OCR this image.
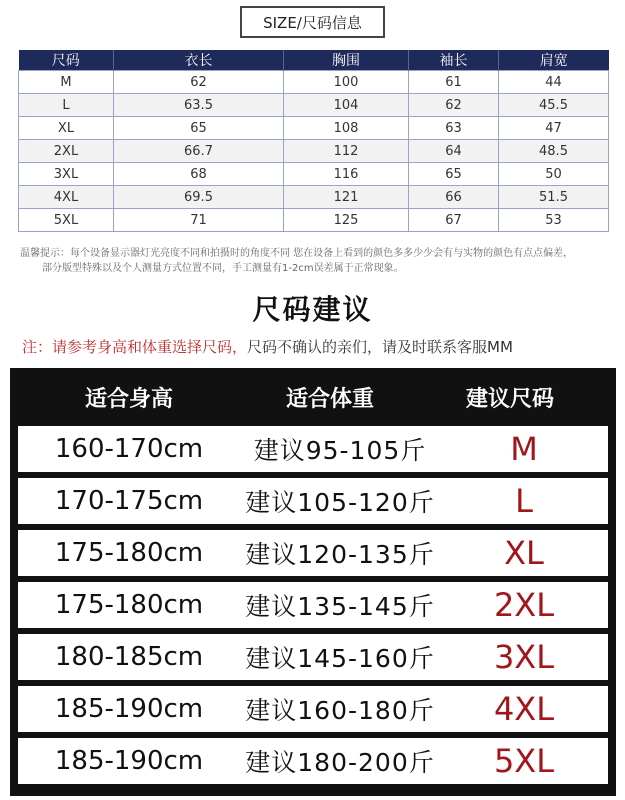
SIZE/尺码信息
尺码	衣长	胸围	袖长	肩宽
M	62	100	61	44
L	63.5	104	62	45.5
XL	65	108	63	47
2XL	66.7	112	64	48.5
3XL	68	116	65	50
4XL	69.5	121	66	51.5
5XL	71	125	67	53
温馨提示：每个设备显示器灯光亮度不同和拍摄时的角度不同 您在设备上看到的颜色多多少少会有与实物的颜色有点点偏差，
部分版型特殊以及个人测量方式位置不同，手工测量有1-2cm误差属于正常现象。
尺码建议
注：请参考身高和体重选择尺码，尺码不确认的亲们，请及时联系客服MM
适合身高	适合体重	建议尺码
160-170cm	建议95-105斤	M
170-175cm	建议105-120斤	L
175-180cm	建议120-135斤	XL
175-180cm	建议135-145斤	2XL
180-185cm	建议145-160斤	3XL
185-190cm	建议160-180斤	4XL
185-190cm	建议180-200斤	5XL
